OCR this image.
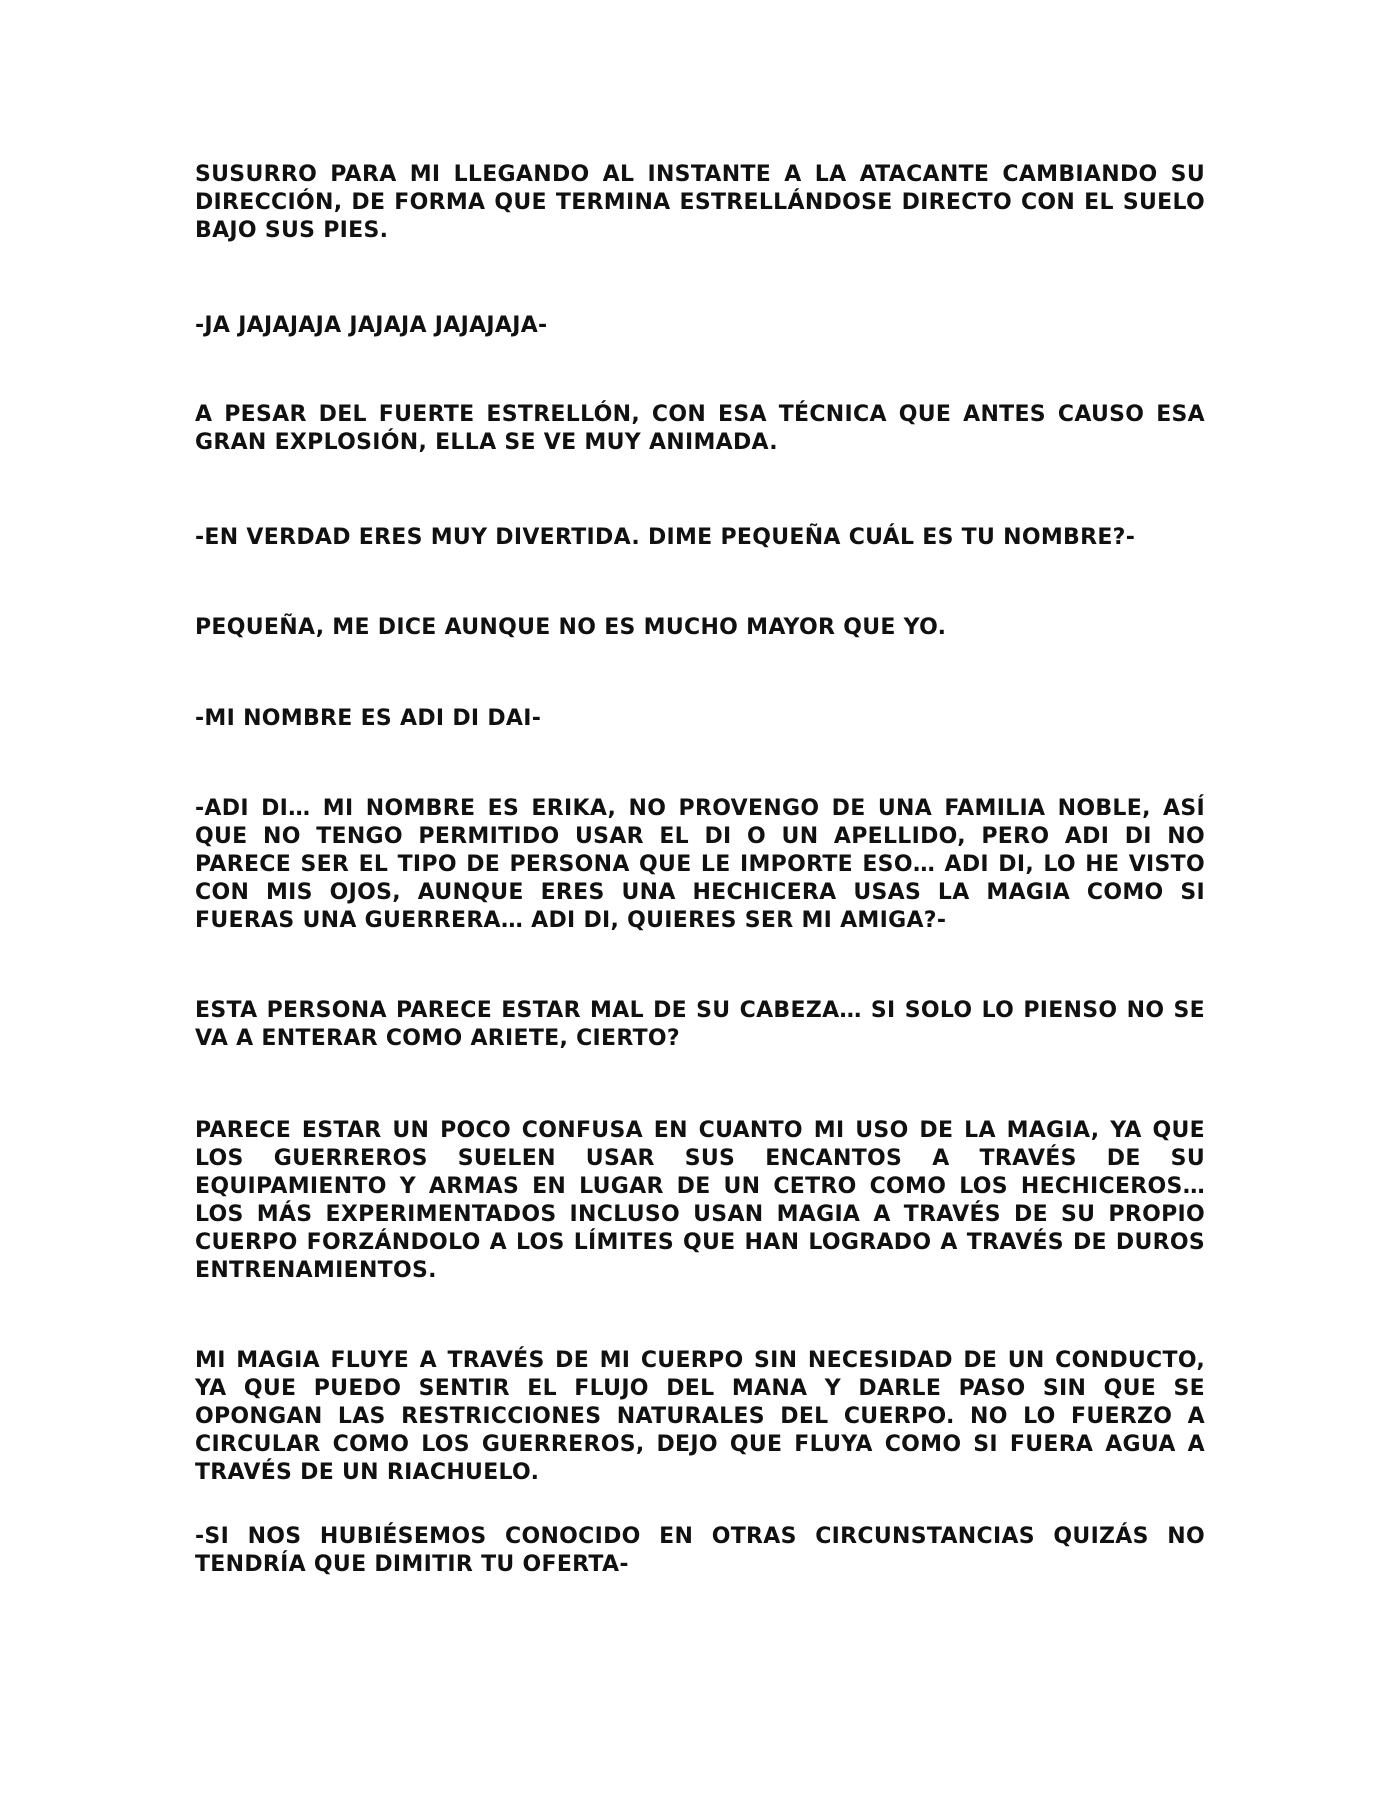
SUSURRO PARA MI LLEGANDO AL INSTANTE A LA ATACANTE CAMBIANDO SU DIRECCIÓN, DE FORMA QUE TERMINA ESTRELLÁNDOSE DIRECTO CON EL SUELO BAJO SUS PIES.

-JA JAJAJAJA JAJAJA JAJAJAJA-

A PESAR DEL FUERTE ESTRELLÓN, CON ESA TÉCNICA QUE ANTES CAUSO ESA GRAN EXPLOSIÓN, ELLA SE VE MUY ANIMADA.

-EN VERDAD ERES MUY DIVERTIDA. DIME PEQUEÑA CUÁL ES TU NOMBRE?-

PEQUEÑA, ME DICE AUNQUE NO ES MUCHO MAYOR QUE YO.

-MI NOMBRE ES ADI DI DAI-

-ADI DI… MI NOMBRE ES ERIKA, NO PROVENGO DE UNA FAMILIA NOBLE, ASÍ QUE NO TENGO PERMITIDO USAR EL DI O UN APELLIDO, PERO ADI DI NO PARECE SER EL TIPO DE PERSONA QUE LE IMPORTE ESO… ADI DI, LO HE VISTO CON MIS OJOS, AUNQUE ERES UNA HECHICERA USAS LA MAGIA COMO SI FUERAS UNA GUERRERA… ADI DI, QUIERES SER MI AMIGA?-

ESTA PERSONA PARECE ESTAR MAL DE SU CABEZA… SI SOLO LO PIENSO NO SE VA A ENTERAR COMO ARIETE, CIERTO?

PARECE ESTAR UN POCO CONFUSA EN CUANTO MI USO DE LA MAGIA, YA QUE LOS GUERREROS SUELEN USAR SUS ENCANTOS A TRAVÉS DE SU EQUIPAMIENTO Y ARMAS EN LUGAR DE UN CETRO COMO LOS HECHICEROS… LOS MÁS EXPERIMENTADOS INCLUSO USAN MAGIA A TRAVÉS DE SU PROPIO CUERPO FORZÁNDOLO A LOS LÍMITES QUE HAN LOGRADO A TRAVÉS DE DUROS ENTRENAMIENTOS.

MI MAGIA FLUYE A TRAVÉS DE MI CUERPO SIN NECESIDAD DE UN CONDUCTO, YA QUE PUEDO SENTIR EL FLUJO DEL MANA Y DARLE PASO SIN QUE SE OPONGAN LAS RESTRICCIONES NATURALES DEL CUERPO. NO LO FUERZO A CIRCULAR COMO LOS GUERREROS, DEJO QUE FLUYA COMO SI FUERA AGUA A TRAVÉS DE UN RIACHUELO.

-SI NOS HUBIÉSEMOS CONOCIDO EN OTRAS CIRCUNSTANCIAS QUIZÁS NO TENDRÍA QUE DIMITIR TU OFERTA-
